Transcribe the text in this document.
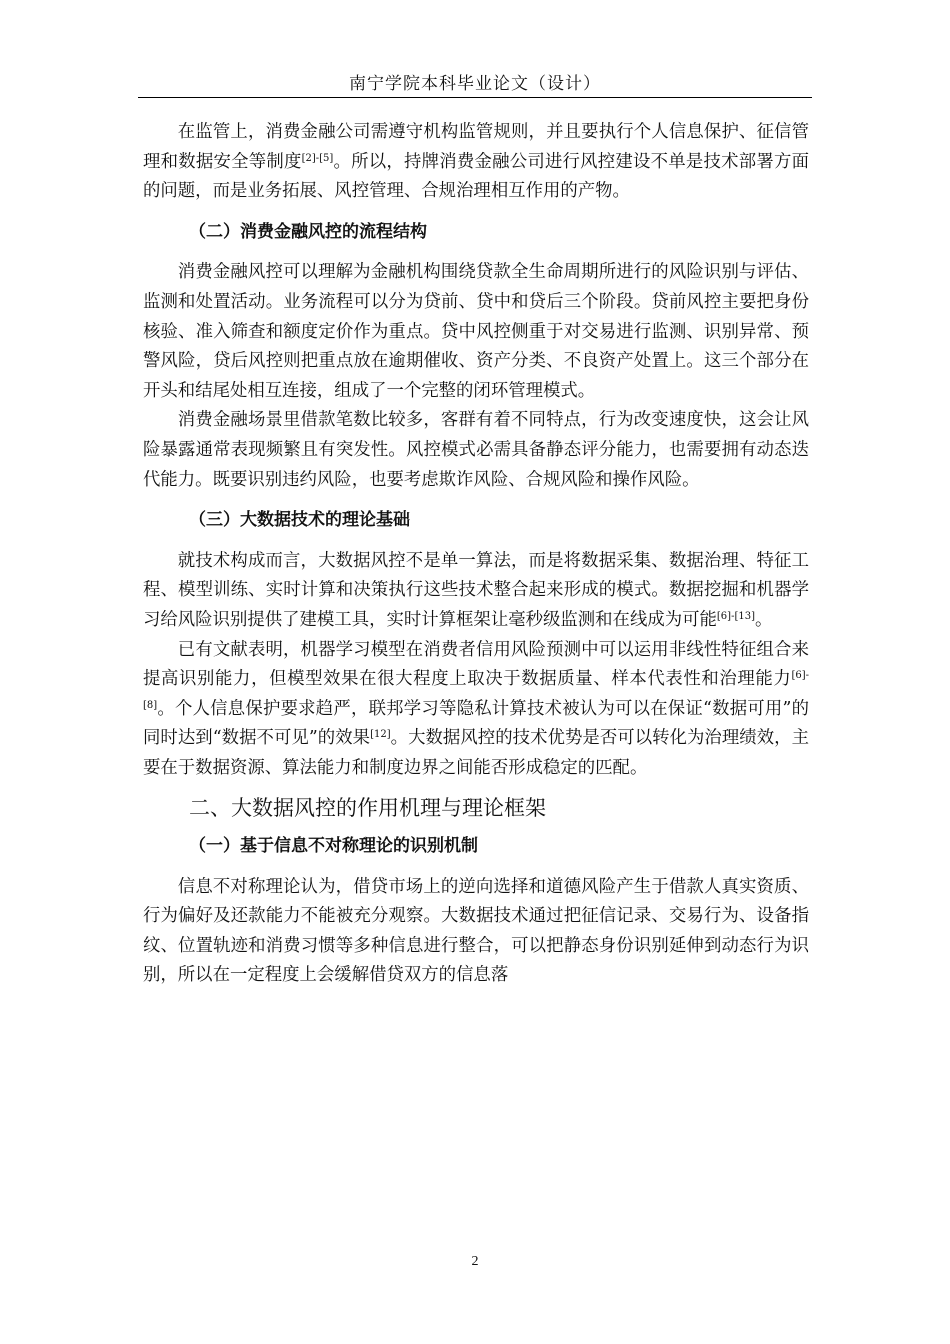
南宁学院本科毕业论文（设计）

在监管上，消费金融公司需遵守机构监管规则，并且要执行个人信息保护、征信管理和数据安全等制度[2]-[5]。所以，持牌消费金融公司进行风控建设不单是技术部署方面的问题，而是业务拓展、风控管理、合规治理相互作用的产物。

（二）消费金融风控的流程结构

消费金融风控可以理解为金融机构围绕贷款全生命周期所进行的风险识别与评估、监测和处置活动。业务流程可以分为贷前、贷中和贷后三个阶段。贷前风控主要把身份核验、准入筛查和额度定价作为重点。贷中风控侧重于对交易进行监测、识别异常、预警风险，贷后风控则把重点放在逾期催收、资产分类、不良资产处置上。这三个部分在开头和结尾处相互连接，组成了一个完整的闭环管理模式。

消费金融场景里借款笔数比较多，客群有着不同特点，行为改变速度快，这会让风险暴露通常表现频繁且有突发性。风控模式必需具备静态评分能力，也需要拥有动态迭代能力。既要识别违约风险，也要考虑欺诈风险、合规风险和操作风险。

（三）大数据技术的理论基础

就技术构成而言，大数据风控不是单一算法，而是将数据采集、数据治理、特征工程、模型训练、实时计算和决策执行这些技术整合起来形成的模式。数据挖掘和机器学习给风险识别提供了建模工具，实时计算框架让毫秒级监测和在线成为可能[6]-[13]。

已有文献表明，机器学习模型在消费者信用风险预测中可以运用非线性特征组合来提高识别能力，但模型效果在很大程度上取决于数据质量、样本代表性和治理能力[6]-[8]。个人信息保护要求趋严，联邦学习等隐私计算技术被认为可以在保证“数据可用”的同时达到“数据不可见”的效果[12]。大数据风控的技术优势是否可以转化为治理绩效，主要在于数据资源、算法能力和制度边界之间能否形成稳定的匹配。

二、大数据风控的作用机理与理论框架

（一）基于信息不对称理论的识别机制

信息不对称理论认为，借贷市场上的逆向选择和道德风险产生于借款人真实资质、行为偏好及还款能力不能被充分观察。大数据技术通过把征信记录、交易行为、设备指纹、位置轨迹和消费习惯等多种信息进行整合，可以把静态身份识别延伸到动态行为识别，所以在一定程度上会缓解借贷双方的信息落

2
